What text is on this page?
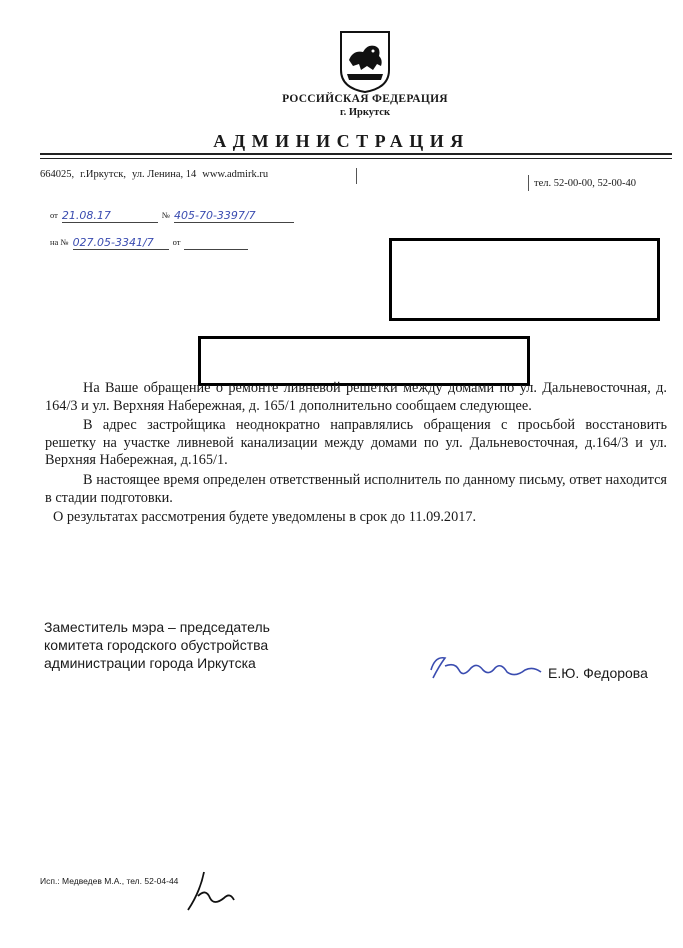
РОССИЙСКАЯ ФЕДЕРАЦИЯ
г. Иркутск
АДМИНИСТРАЦИЯ
664025, г.Иркутск, ул. Ленина, 14 www.admirk.ru
тел. 52-00-00, 52-00-40
от 21.08.17	№ 405-70-3397/7
на № 027.05-3341/7 от

На Ваше обращение о ремонте ливневой решетки между домами по ул. Дальневосточная, д. 164/3 и ул. Верхняя Набережная, д. 165/1 дополнительно сообщаем следующее.

В адрес застройщика неоднократно направлялись обращения с просьбой восстановить решетку на участке ливневой канализации между домами по ул. Дальневосточная, д.164/3 и ул. Верхняя Набережная, д.165/1.

В настоящее время определен ответственный исполнитель по данному письму, ответ находится в стадии подготовки.

О результатах рассмотрения будете уведомлены в срок до 11.09.2017.

Заместитель мэра – председатель
комитета городского обустройства
администрации города Иркутска
Е.Ю. Федорова
Исп.: Медведев М.А., тел. 52-04-44
